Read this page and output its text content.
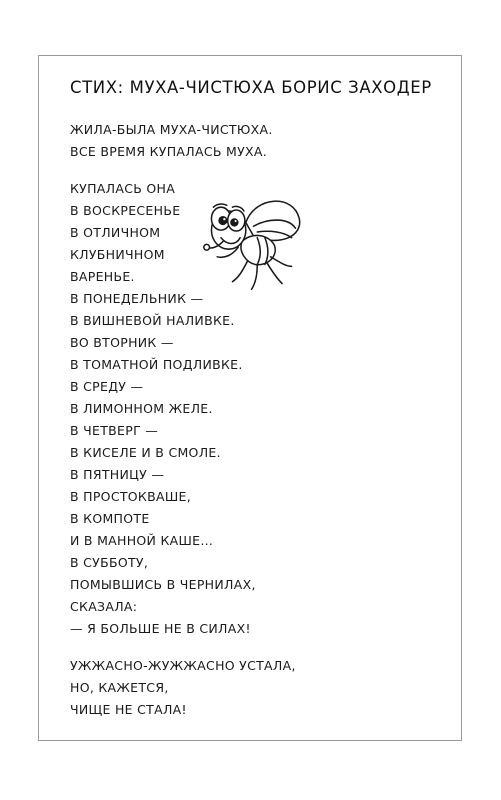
СТИХ: МУХА-ЧИСТЮХА БОРИС ЗАХОДЕР
ЖИЛА-БЫЛА МУХА-ЧИСТЮХА.
ВСЕ ВРЕМЯ КУПАЛАСЬ МУХА.
КУПАЛАСЬ ОНА
В ВОСКРЕСЕНЬЕ
В ОТЛИЧНОМ
КЛУБНИЧНОМ
ВАРЕНЬЕ.
В ПОНЕДЕЛЬНИК —
В ВИШНЕВОЙ НАЛИВКЕ.
ВО ВТОРНИК —
В ТОМАТНОЙ ПОДЛИВКЕ.
В СРЕДУ —
В ЛИМОННОМ ЖЕЛЕ.
В ЧЕТВЕРГ —
В КИСЕЛЕ И В СМОЛЕ.
В ПЯТНИЦУ —
В ПРОСТОКВАШЕ,
В КОМПОТЕ
И В МАННОЙ КАШЕ…
В СУББОТУ,
ПОМЫВШИСЬ В ЧЕРНИЛАХ,
СКАЗАЛА:
— Я БОЛЬШЕ НЕ В СИЛАХ!
УЖЖАСНО-ЖУЖЖАСНО УСТАЛА,
НО, КАЖЕТСЯ,
ЧИЩЕ НЕ СТАЛА!
